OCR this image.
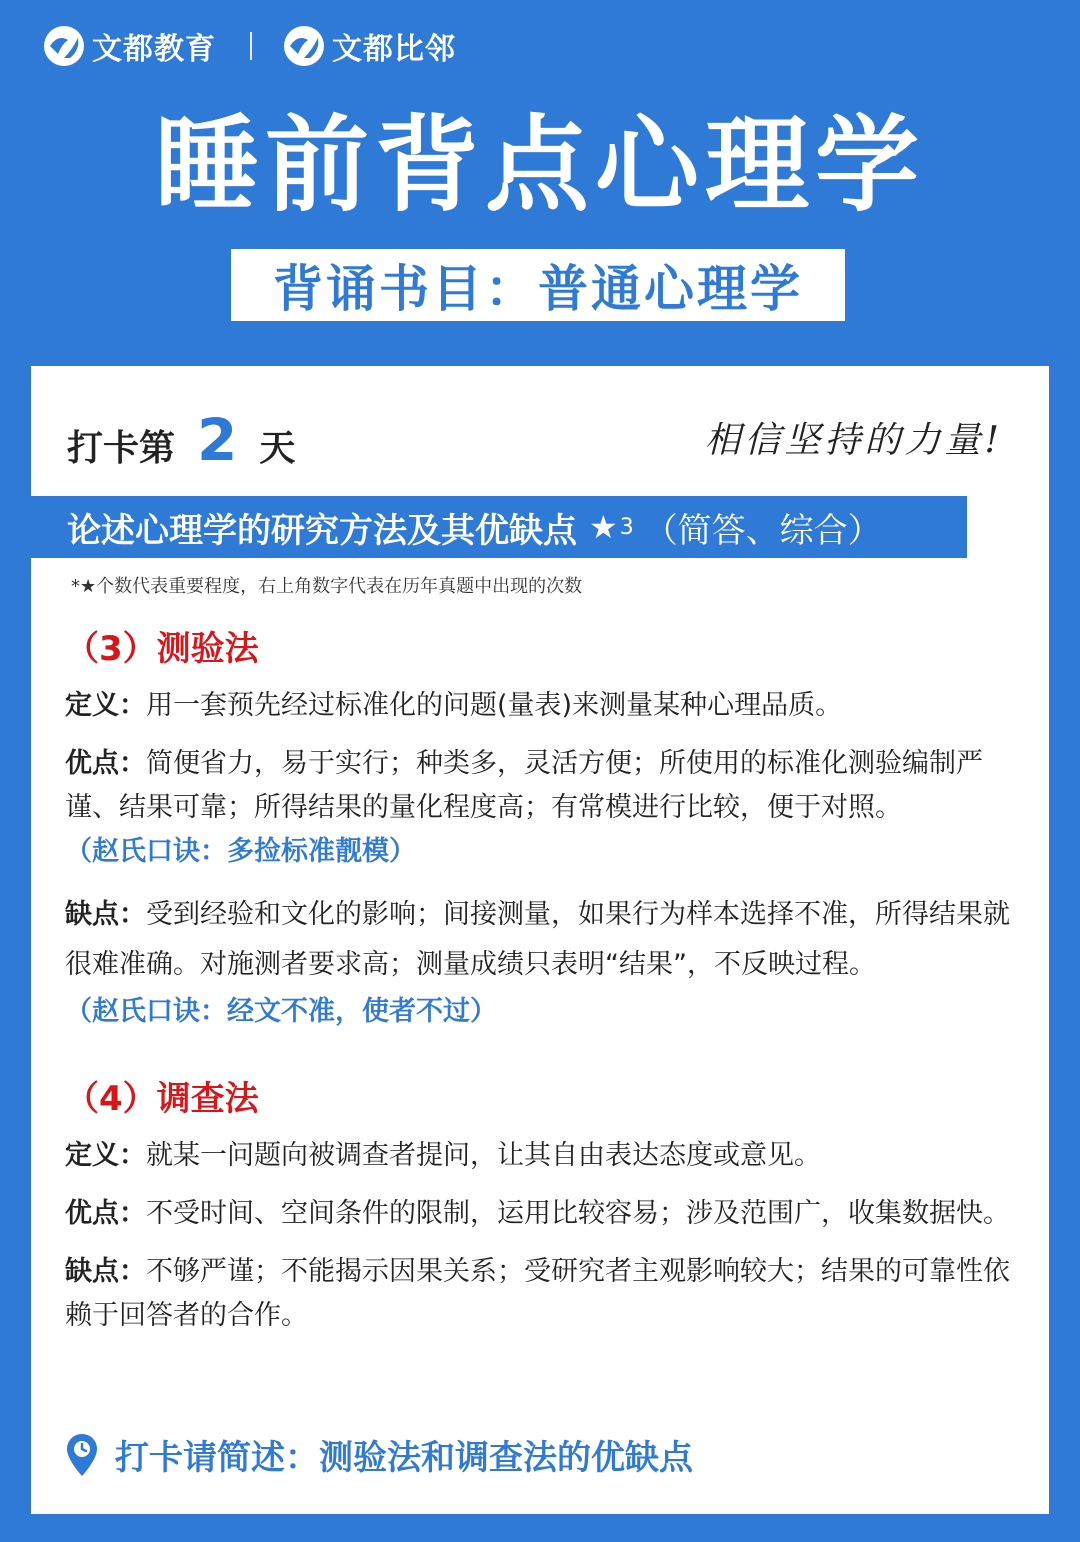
文都教育	文都比邻
睡前背点心理学
背诵书目：普通心理学
打卡第 2 天	相信坚持的力量!
论述心理学的研究方法及其优缺点 ★ 3 （简答、综合）
*★个数代表重要程度，右上角数字代表在历年真题中出现的次数
（3）测验法

定义：用一套预先经过标准化的问题(量表)来测量某种心理品质。

优点：简便省力，易于实行；种类多，灵活方便；所使用的标准化测验编制严谨、结果可靠；所得结果的量化程度高；有常模进行比较，便于对照。

（赵氏口诀：多捡标准靓模）

缺点：受到经验和文化的影响；间接测量，如果行为样本选择不准，所得结果就很难准确。对施测者要求高；测量成绩只表明“结果”，不反映过程。

（赵氏口诀：经文不准，使者不过）
（4）调查法

定义：就某一问题向被调查者提问，让其自由表达态度或意见。

优点：不受时间、空间条件的限制，运用比较容易；涉及范围广，收集数据快。

缺点：不够严谨；不能揭示因果关系；受研究者主观影响较大；结果的可靠性依赖于回答者的合作。

打卡请简述：测验法和调查法的优缺点
